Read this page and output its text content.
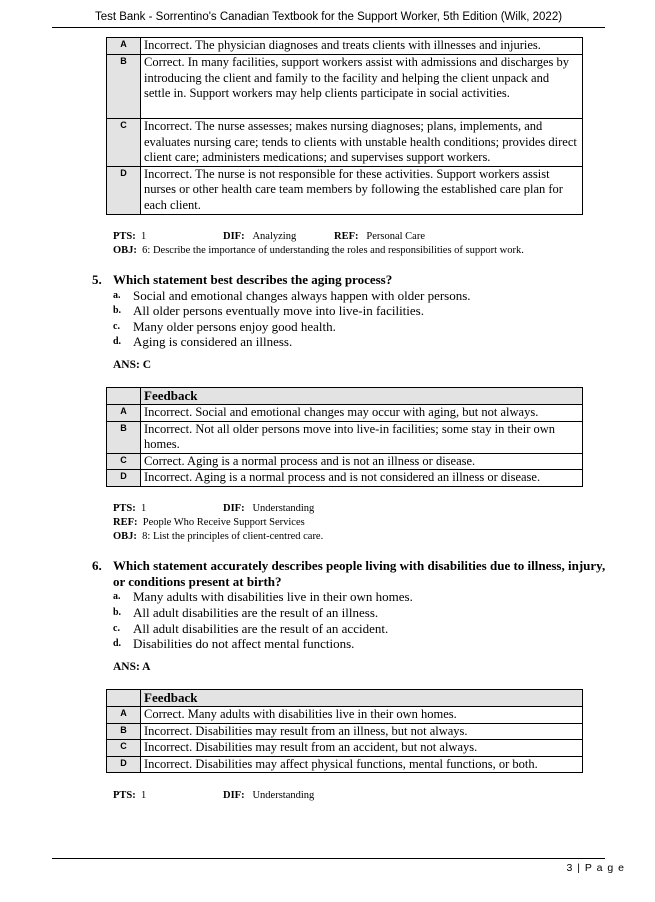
Test Bank - Sorrentino's Canadian Textbook for the Support Worker, 5th Edition (Wilk, 2022)
A	Incorrect. The physician diagnoses and treats clients with illnesses and injuries.
B	Correct. In many facilities, support workers assist with admissions and discharges by introducing the client and family to the facility and helping the client unpack and settle in. Support workers may help clients participate in social activities.
C	Incorrect. The nurse assesses; makes nursing diagnoses; plans, implements, and evaluates nursing care; tends to clients with unstable health conditions; provides direct client care; administers medications; and supervises support workers.
D	Incorrect. The nurse is not responsible for these activities. Support workers assist nurses or other health care team members by following the established care plan for each client.
PTS: 1	DIF: Analyzing	REF: Personal Care
OBJ: 6: Describe the importance of understanding the roles and responsibilities of support work.
5. Which statement best describes the aging process?
a. Social and emotional changes always happen with older persons.
b. All older persons eventually move into live-in facilities.
c. Many older persons enjoy good health.
d. Aging is considered an illness.
ANS: C
	Feedback
A	Incorrect. Social and emotional changes may occur with aging, but not always.
B	Incorrect. Not all older persons move into live-in facilities; some stay in their own homes.
C	Correct. Aging is a normal process and is not an illness or disease.
D	Incorrect. Aging is a normal process and is not considered an illness or disease.
PTS: 1	DIF: Understanding
REF: People Who Receive Support Services
OBJ: 8: List the principles of client-centred care.
6. Which statement accurately describes people living with disabilities due to illness, injury, or conditions present at birth?
a. Many adults with disabilities live in their own homes.
b. All adult disabilities are the result of an illness.
c. All adult disabilities are the result of an accident.
d. Disabilities do not affect mental functions.
ANS: A
	Feedback
A	Correct. Many adults with disabilities live in their own homes.
B	Incorrect. Disabilities may result from an illness, but not always.
C	Incorrect. Disabilities may result from an accident, but not always.
D	Incorrect. Disabilities may affect physical functions, mental functions, or both.
PTS: 1	DIF: Understanding
3 | P a g e
